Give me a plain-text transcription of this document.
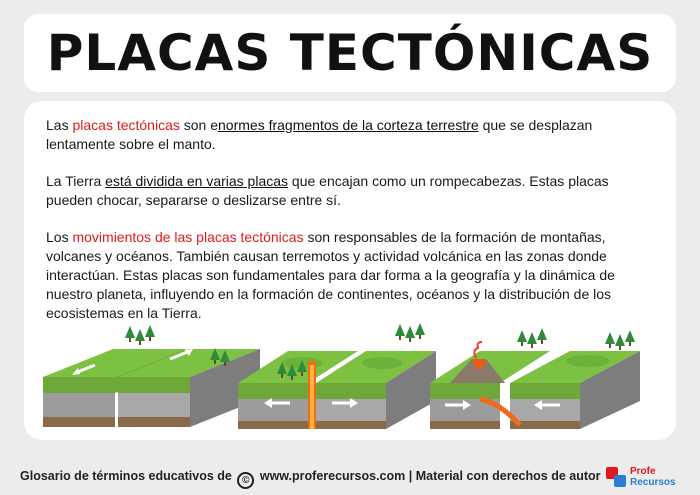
PLACAS TECTÓNICAS

Las placas tectónicas son enormes fragmentos de la corteza terrestre que se desplazan lentamente sobre el manto.

La Tierra está dividida en varias placas que encajan como un rompecabezas. Estas placas pueden chocar, separarse o deslizarse entre sí.

Los movimientos de las placas tectónicas son responsables de la formación de montañas, volcanes y océanos. También causan terremotos y actividad volcánica en las zonas donde interactúan. Estas placas son fundamentales para dar forma a la geografía y la dinámica de nuestro planeta, influyendo en la formación de continentes, océanos y la distribución de los ecosistemas en la Tierra.

Glosario de términos educativos de © www.proferecursos.com | Material con derechos de autor	Profe
Recursos
